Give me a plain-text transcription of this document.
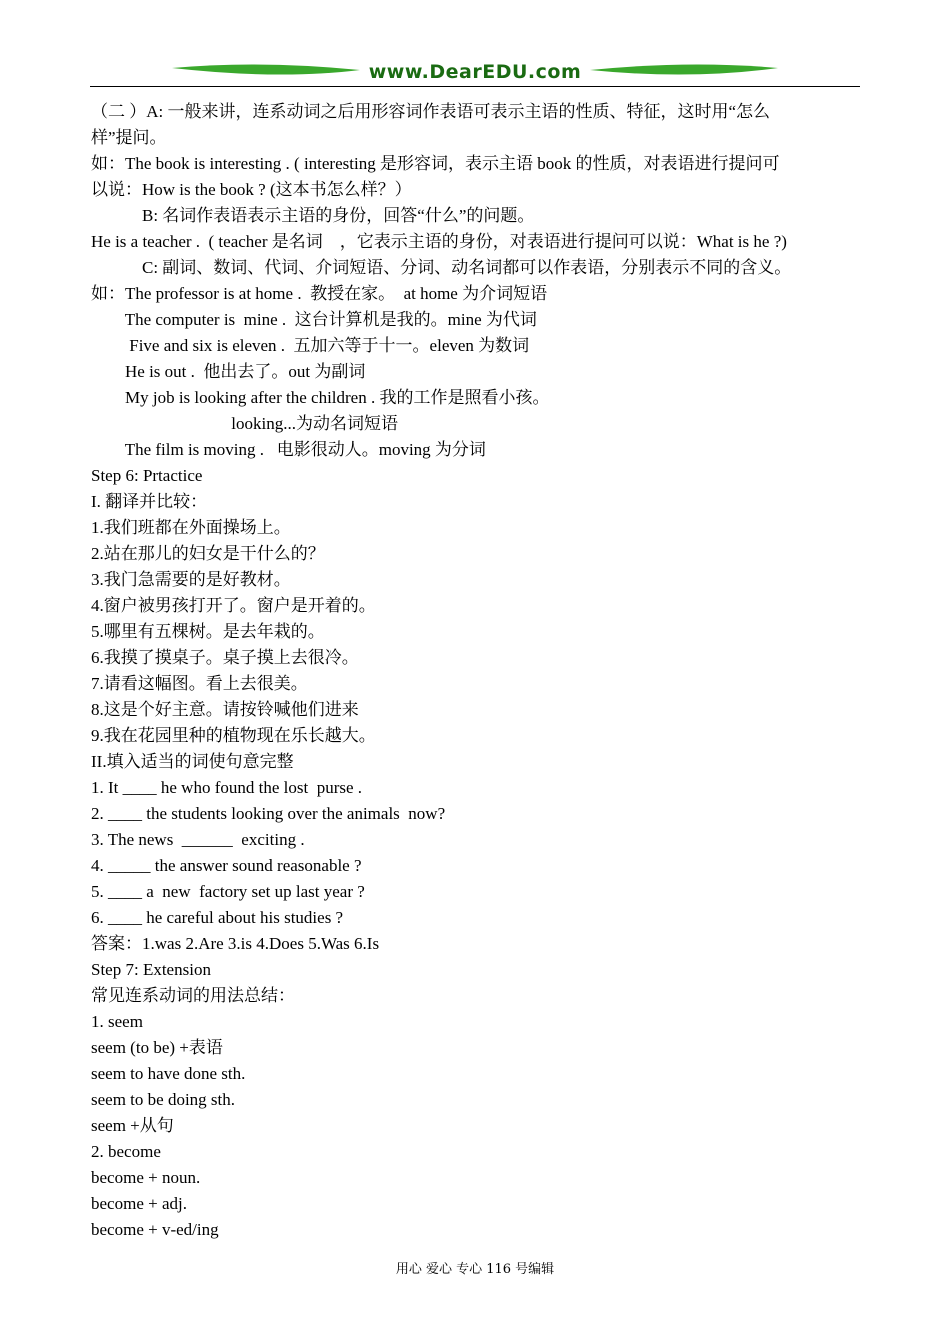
www.DearEDU.com
（二 ）A: 一般来讲，连系动词之后用形容词作表语可表示主语的性质、特征，这时用“怎么
样”提问。
如：The book is interesting . ( interesting 是形容词，表示主语 book 的性质，对表语进行提问可
以说：How is the book ? (这本书怎么样？）
B: 名词作表语表示主语的身份，回答“什么”的问题。
He is a teacher .  ( teacher 是名词    ，它表示主语的身份，对表语进行提问可以说：What is he ?)
C: 副词、数词、代词、介词短语、分词、动名词都可以作表语，分别表示不同的含义。
如：The professor is at home .  教授在家。  at home 为介词短语
The computer is  mine .  这台计算机是我的。mine 为代词
Five and six is eleven .  五加六等于十一。eleven 为数词
He is out .  他出去了。out 为副词
My job is looking after the children . 我的工作是照看小孩。
looking...为动名词短语
The film is moving .   电影很动人。moving 为分词
Step 6: Prtactice
I. 翻译并比较：
1.我们班都在外面操场上。
2.站在那儿的妇女是干什么的？
3.我门急需要的是好教材。
4.窗户被男孩打开了。窗户是开着的。
5.哪里有五棵树。是去年栽的。
6.我摸了摸桌子。桌子摸上去很冷。
7.请看这幅图。看上去很美。
8.这是个好主意。请按铃喊他们进来
9.我在花园里种的植物现在乐长越大。
II.填入适当的词使句意完整
1. It ____ he who found the lost  purse .
2. ____ the students looking over the animals  now?
3. The news  ______  exciting .
4. _____ the answer sound reasonable ?
5. ____ a  new  factory set up last year ?
6. ____ he careful about his studies ?
答案：1.was 2.Are 3.is 4.Does 5.Was 6.Is
Step 7: Extension
常见连系动词的用法总结：
1. seem
seem (to be) +表语
seem to have done sth.
seem to be doing sth.
seem +从句
2. become
become + noun.
become + adj.
become + v-ed/ing
用心 爱心 专心 116 号编辑
